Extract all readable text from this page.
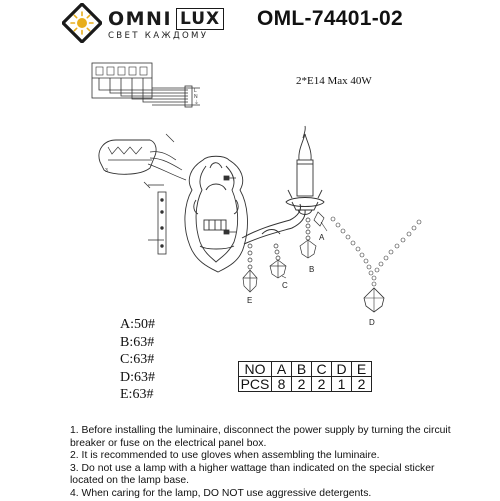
OMNI LUX
СВЕТ КАЖДОМУ
OML-74401-02
2*E14 Max 40W
L
N
⏚
3
A
B
C
D
E
A:50#
B:63#
C:63#
D:63#
E:63#
NO	A	B	C	D	E
PCS	8	2	2	1	2

1. Before installing the luminaire, disconnect the power supply by turning the circuit breaker or fuse on the electrical panel box.

2. It is recommended to use gloves when assembling the luminaire.

3. Do not use a lamp with a higher wattage than indicated on the special sticker located on the lamp base.

4. When caring for the lamp, DO NOT use aggressive detergents.
